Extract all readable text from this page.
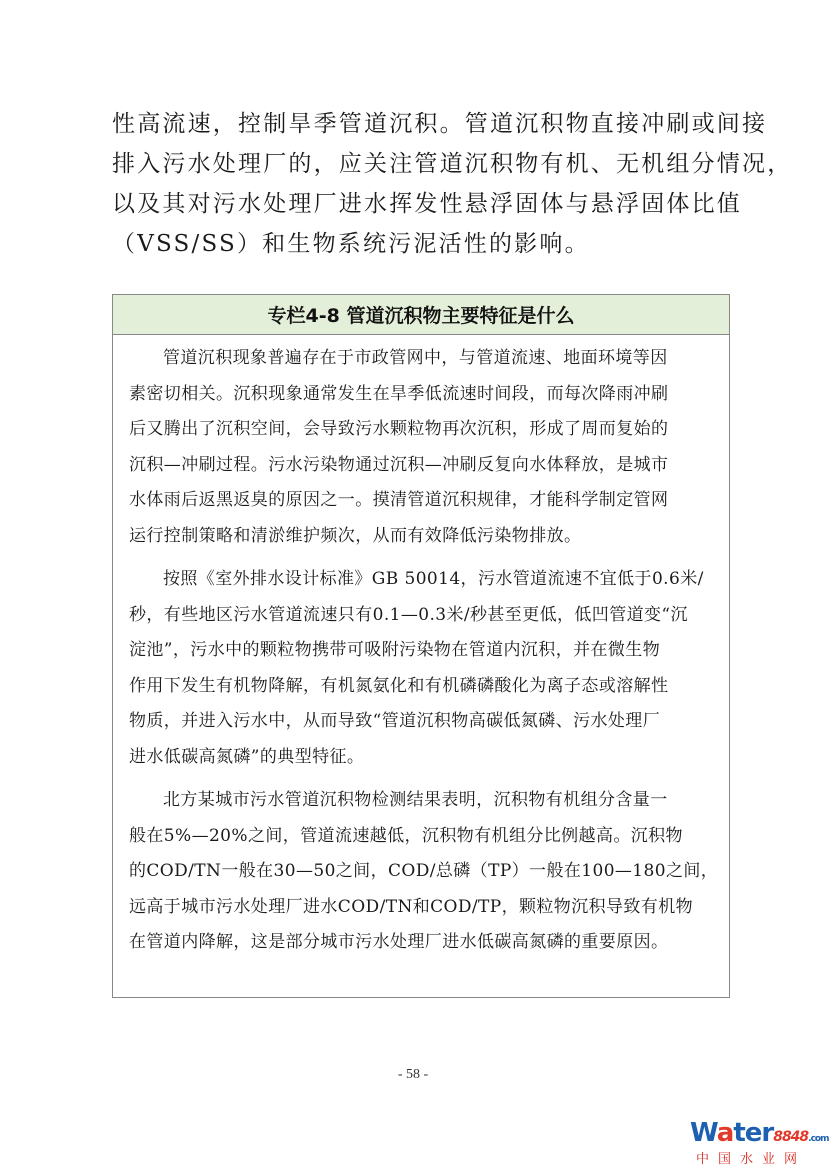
性高流速，控制旱季管道沉积。管道沉积物直接冲刷或间接
排入污水处理厂的，应关注管道沉积物有机、无机组分情况，
以及其对污水处理厂进水挥发性悬浮固体与悬浮固体比值
（VSS/SS）和生物系统污泥活性的影响。
专栏4-8 管道沉积物主要特征是什么
管道沉积现象普遍存在于市政管网中，与管道流速、地面环境等因
素密切相关。沉积现象通常发生在旱季低流速时间段，而每次降雨冲刷
后又腾出了沉积空间，会导致污水颗粒物再次沉积，形成了周而复始的
沉积—冲刷过程。污水污染物通过沉积—冲刷反复向水体释放，是城市
水体雨后返黑返臭的原因之一。摸清管道沉积规律，才能科学制定管网
运行控制策略和清淤维护频次，从而有效降低污染物排放。
按照《室外排水设计标准》GB 50014，污水管道流速不宜低于0.6米/
秒，有些地区污水管道流速只有0.1—0.3米/秒甚至更低，低凹管道变“沉
淀池”，污水中的颗粒物携带可吸附污染物在管道内沉积，并在微生物
作用下发生有机物降解，有机氮氨化和有机磷磷酸化为离子态或溶解性
物质，并进入污水中，从而导致“管道沉积物高碳低氮磷、污水处理厂
进水低碳高氮磷”的典型特征。
北方某城市污水管道沉积物检测结果表明，沉积物有机组分含量一
般在5%—20%之间，管道流速越低，沉积物有机组分比例越高。沉积物
的COD/TN一般在30—50之间，COD/总磷（TP）一般在100—180之间，
远高于城市污水处理厂进水COD/TN和COD/TP，颗粒物沉积导致有机物
在管道内降解，这是部分城市污水处理厂进水低碳高氮磷的重要原因。
- 58 -
Water8848.com
中国水业网
